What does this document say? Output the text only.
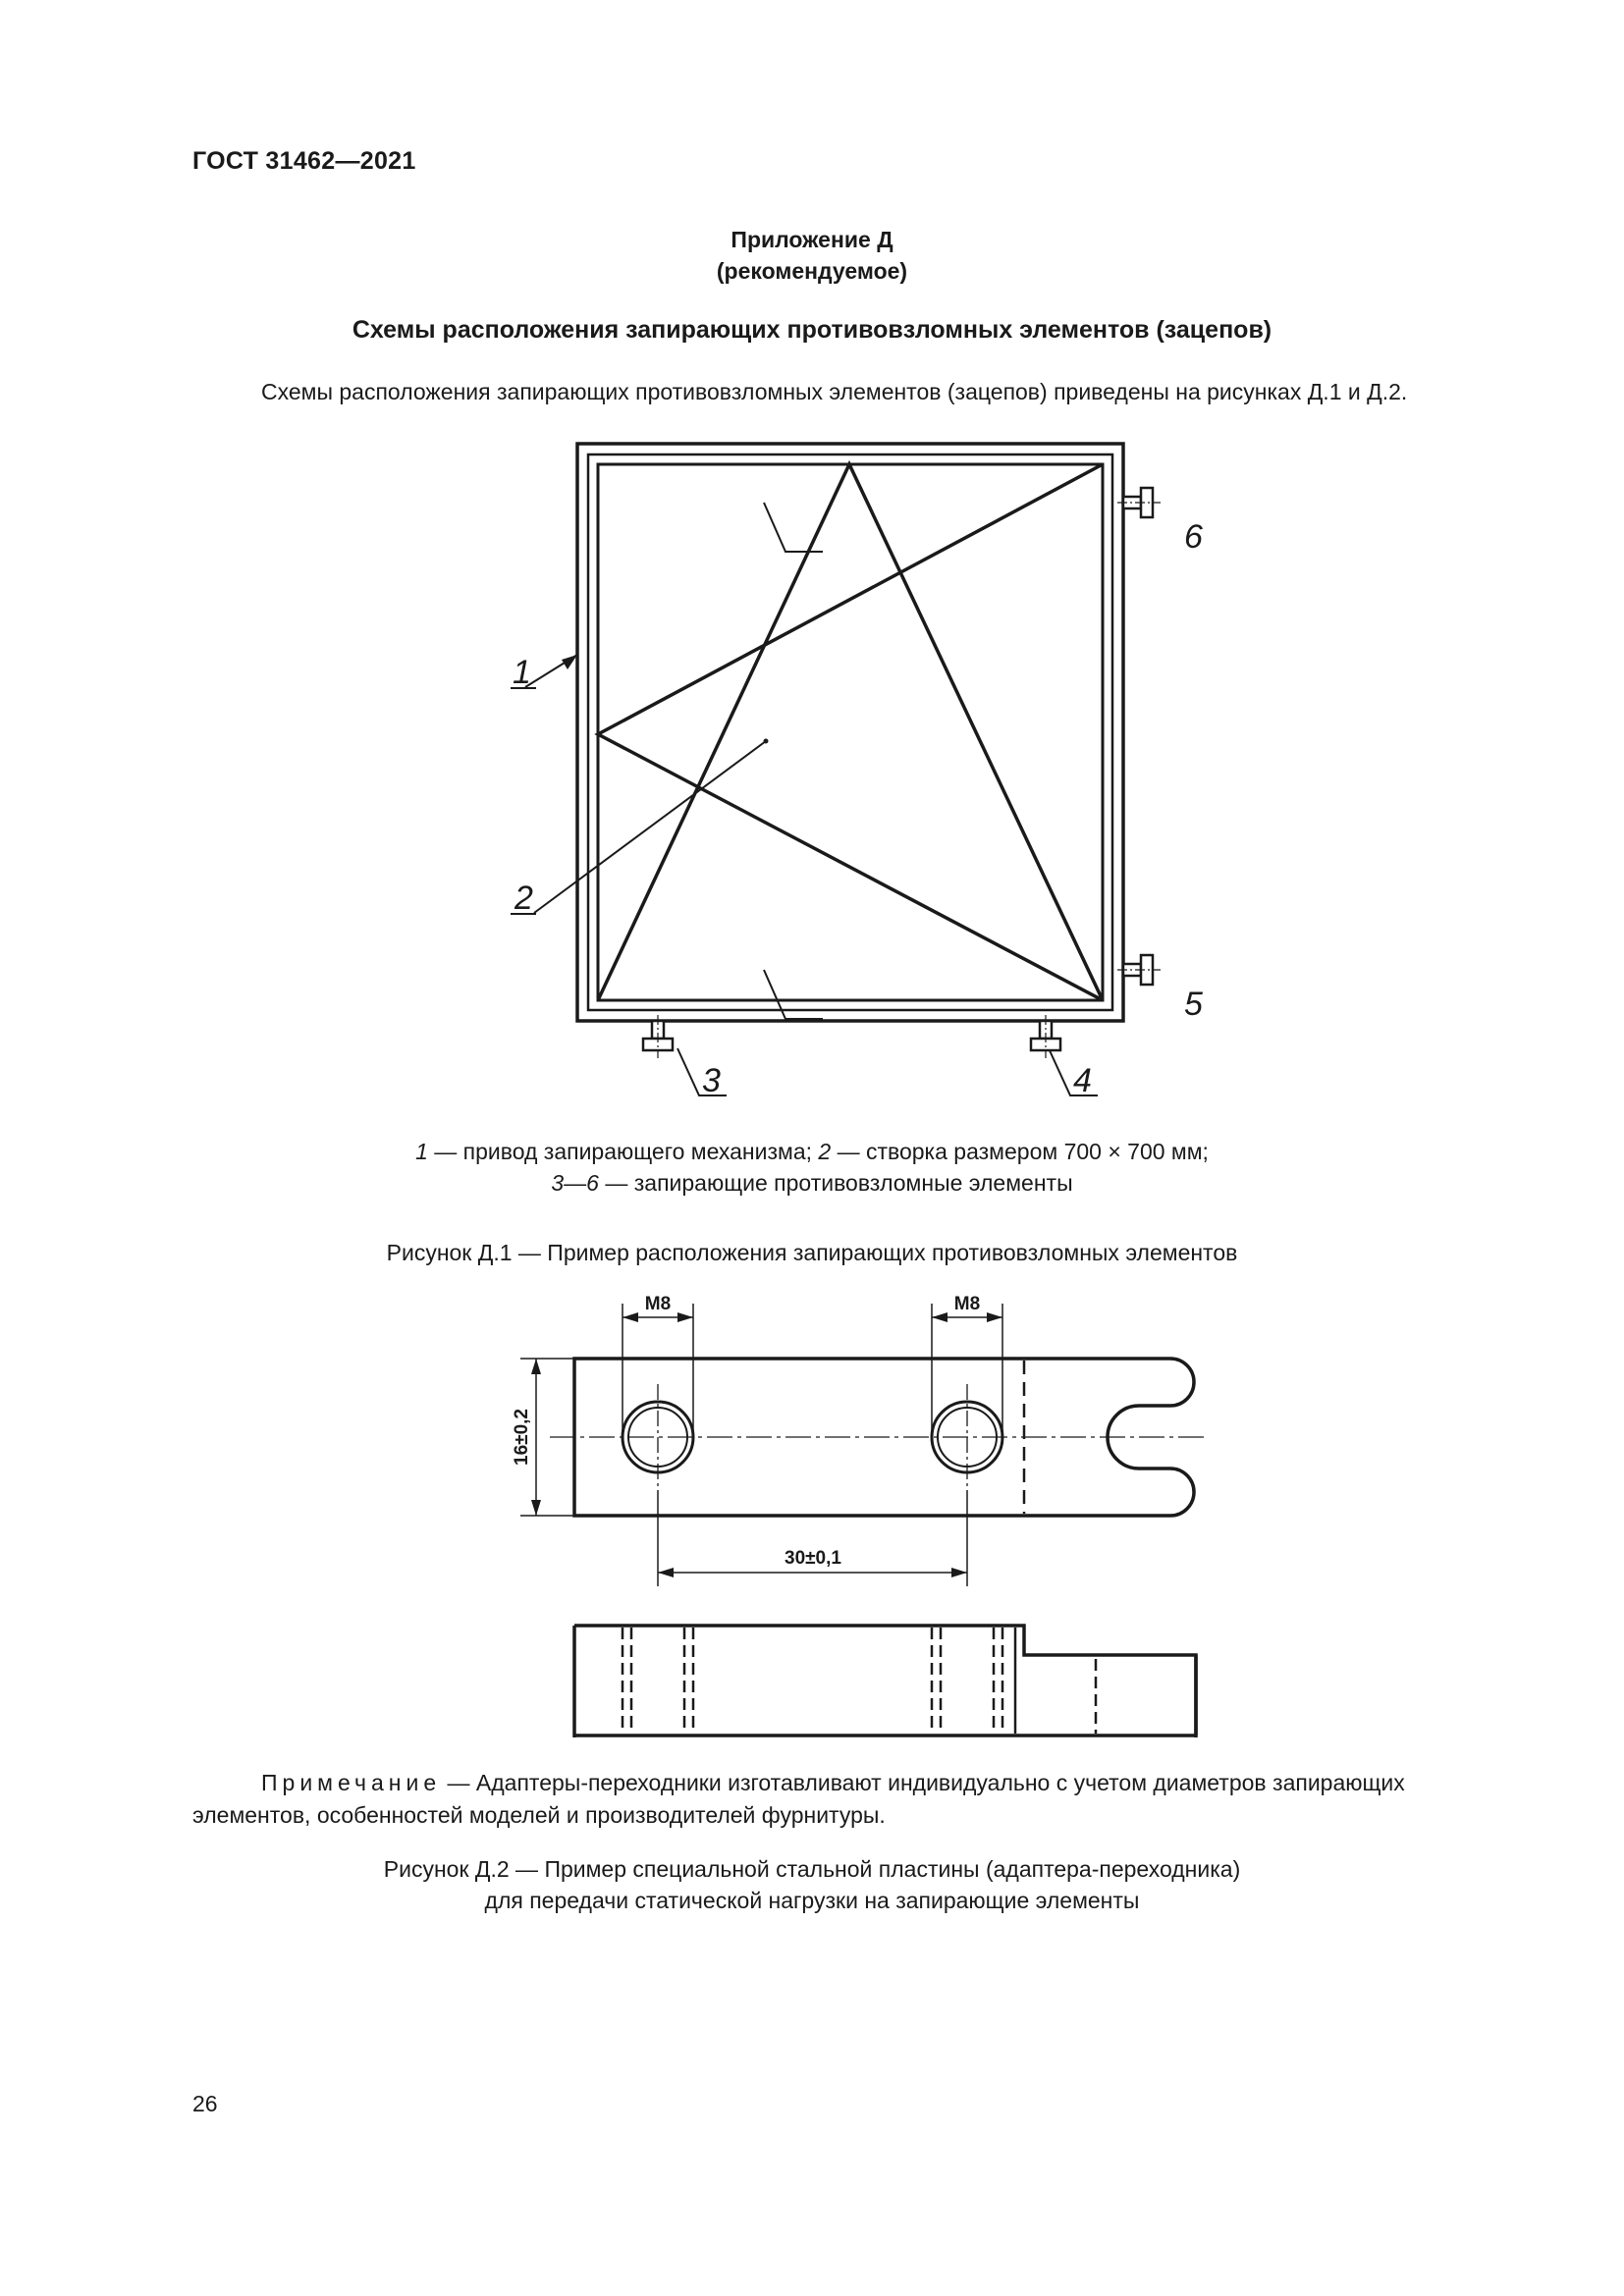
ГОСТ 31462—2021
Приложение Д
(рекомендуемое)
Схемы расположения запирающих противовзломных элементов (зацепов)
Схемы расположения запирающих противовзломных элементов (зацепов) приведены на рисунках Д.1 и Д.2.
1
2
3	4
5
6
1 — привод запирающего механизма; 2 — створка размером 700 × 700 мм;
3—6 — запирающие противовзломные элементы
Рисунок Д.1 — Пример расположения запирающих противовзломных элементов
М8	М8
16±0,2
30±0,1
Примечание — Адаптеры-переходники изготавливают индивидуально с учетом диаметров запирающих элементов, особенностей моделей и производителей фурнитуры.
Рисунок Д.2 — Пример специальной стальной пластины (адаптера-переходника)
для передачи статической нагрузки на запирающие элементы
26
